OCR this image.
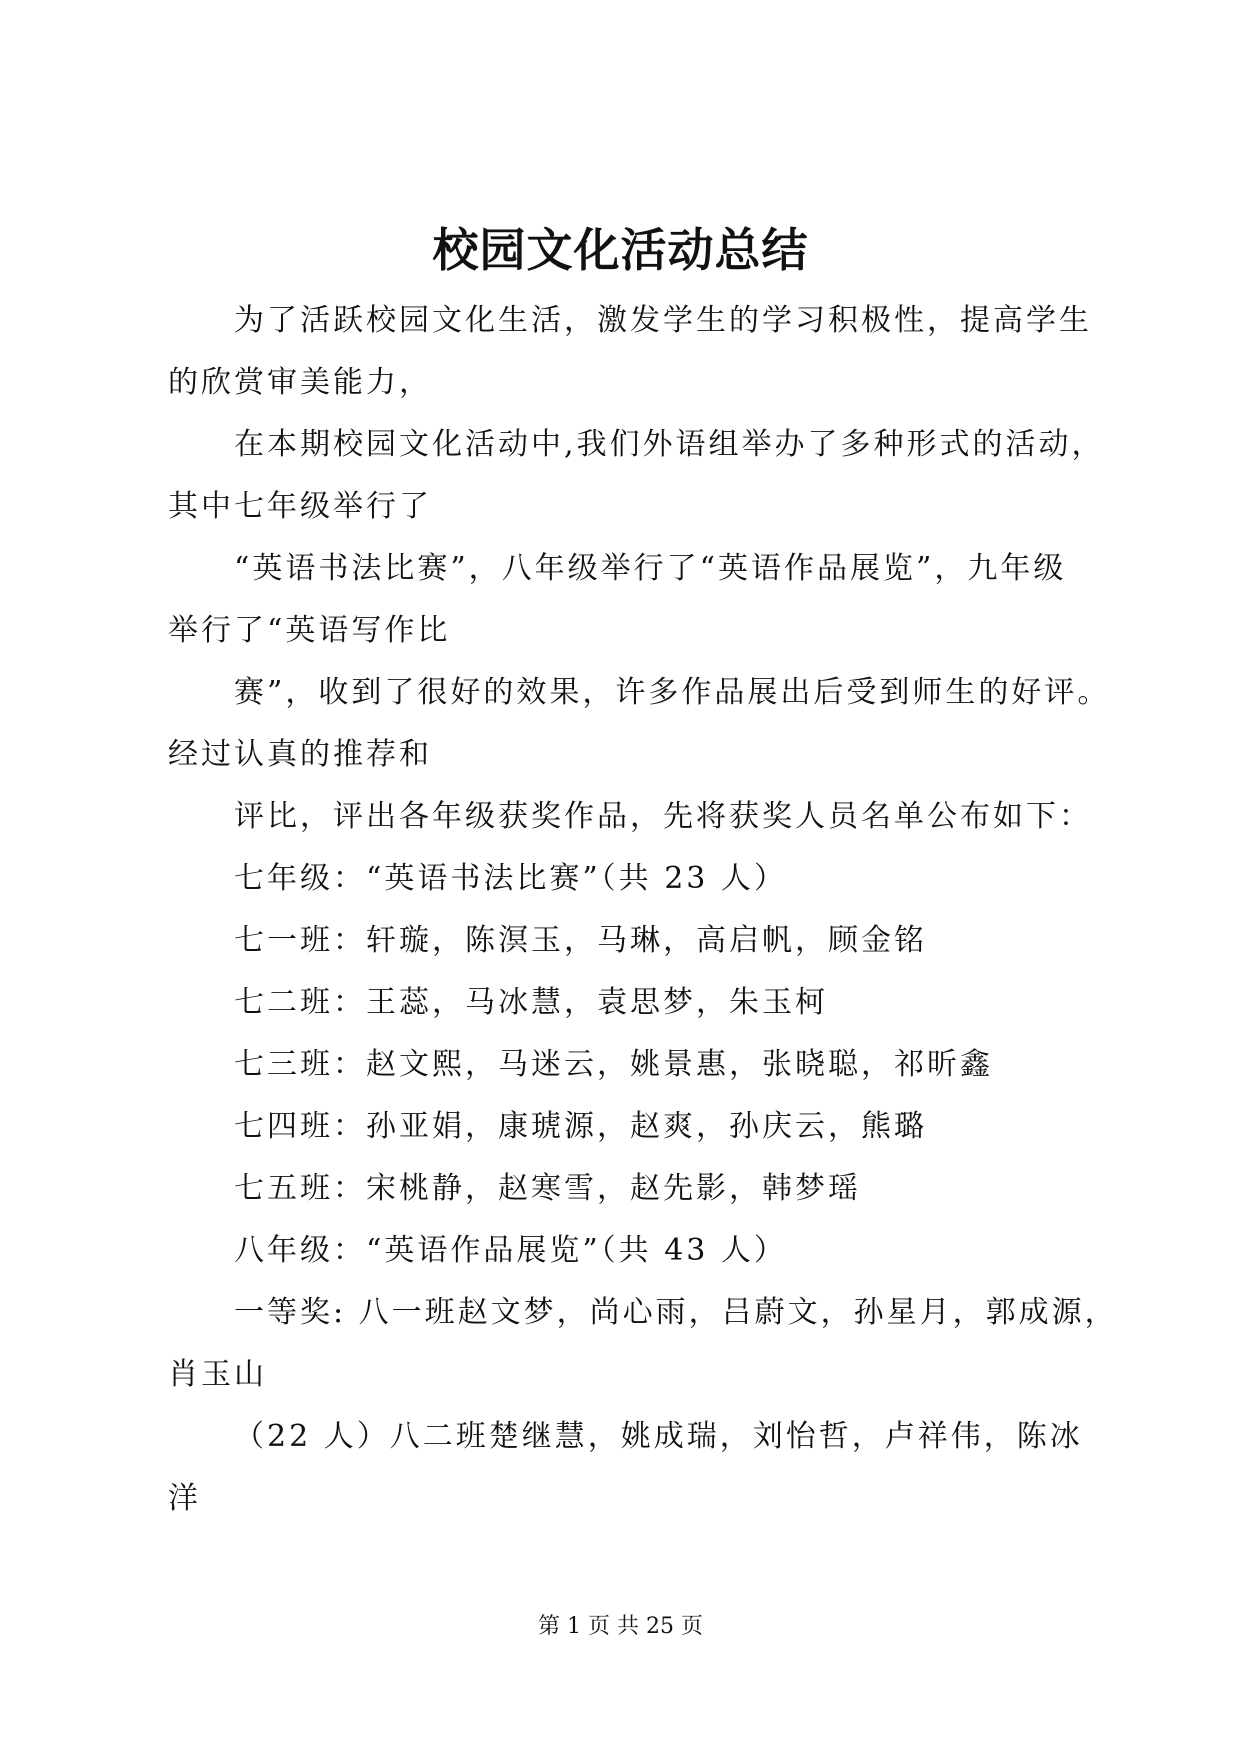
校园文化活动总结
为了活跃校园文化生活，激发学生的学习积极性，提高学生
的欣赏审美能力，
在本期校园文化活动中,我们外语组举办了多种形式的活动，
其中七年级举行了
“英语书法比赛”，八年级举行了“英语作品展览”，九年级
举行了“英语写作比
赛”，收到了很好的效果，许多作品展出后受到师生的好评。
经过认真的推荐和
评比，评出各年级获奖作品，先将获奖人员名单公布如下：
七年级：“英语书法比赛”（共 23 人）
七一班：轩璇，陈溟玉，马琳，高启帆，顾金铭
七二班：王蕊，马冰慧，袁思梦，朱玉柯
七三班：赵文熙，马迷云，姚景惠，张晓聪，祁昕鑫
七四班：孙亚娟，康琥源，赵爽，孙庆云，熊璐
七五班：宋桃静，赵寒雪，赵先影，韩梦瑶
八年级：“英语作品展览”（共 43 人）
一等奖: 八一班赵文梦，尚心雨，吕蔚文，孙星月，郭成源，
肖玉山
（22 人）八二班楚继慧，姚成瑞，刘怡哲，卢祥伟，陈冰
洋
第 1 页 共 25 页
